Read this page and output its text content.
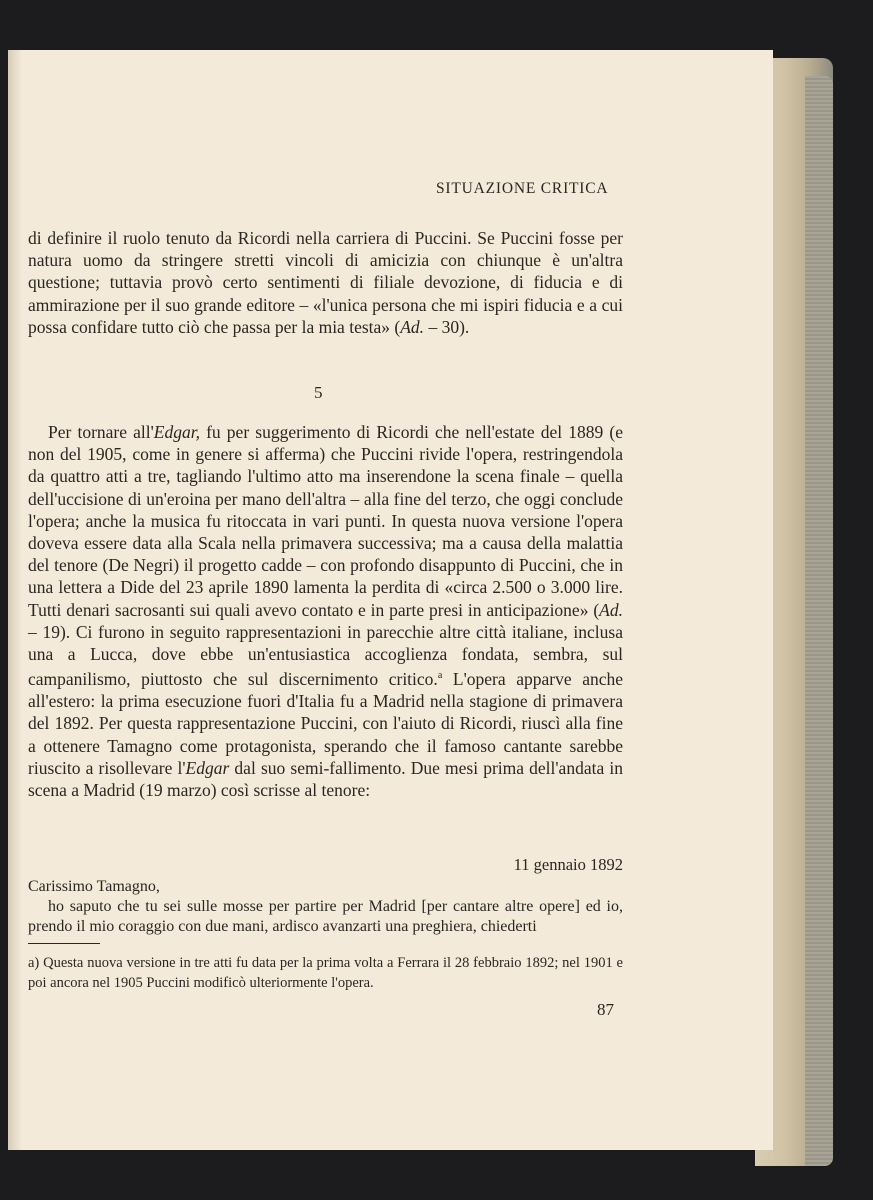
SITUAZIONE CRITICA

di definire il ruolo tenuto da Ricordi nella carriera di Puccini. Se Puccini fosse per natura uomo da stringere stretti vincoli di amicizia con chiunque è un'altra questione; tuttavia provò certo sentimenti di filiale devozione, di fiducia e di ammirazione per il suo grande editore – «l'unica persona che mi ispiri fiducia e a cui possa confidare tutto ciò che passa per la mia testa» (Ad. – 30).

5

Per tornare all'Edgar, fu per suggerimento di Ricordi che nell'estate del 1889 (e non del 1905, come in genere si afferma) che Puccini rivide l'opera, restringendola da quattro atti a tre, tagliando l'ultimo atto ma inserendone la scena finale – quella dell'uccisione di un'eroina per mano dell'altra – alla fine del terzo, che oggi conclude l'opera; anche la musica fu ritoccata in vari punti. In questa nuova versione l'opera doveva essere data alla Scala nella primavera successiva; ma a causa della malattia del tenore (De Negri) il progetto cadde – con profondo disappunto di Puccini, che in una lettera a Dide del 23 aprile 1890 lamenta la perdita di «circa 2.500 o 3.000 lire. Tutti denari sacrosanti sui quali avevo contato e in parte presi in anticipazione» (Ad. – 19). Ci furono in seguito rappresentazioni in parecchie altre città italiane, inclusa una a Lucca, dove ebbe un'entusiastica accoglienza fondata, sembra, sul campanilismo, piuttosto che sul discernimento critico.$^a$ L'opera apparve anche all'estero: la prima esecuzione fuori d'Italia fu a Madrid nella stagione di primavera del 1892. Per questa rappresentazione Puccini, con l'aiuto di Ricordi, riuscì alla fine a ottenere Tamagno come protagonista, sperando che il famoso cantante sarebbe riuscito a risollevare l'Edgar dal suo semi-fallimento. Due mesi prima dell'andata in scena a Madrid (19 marzo) così scrisse al tenore:

11 gennaio 1892

Carissimo Tamagno,
ho saputo che tu sei sulle mosse per partire per Madrid [per cantare altre opere] ed io, prendo il mio coraggio con due mani, ardisco avanzarti una preghiera, chiederti

a) Questa nuova versione in tre atti fu data per la prima volta a Ferrara il 28 febbraio 1892; nel 1901 e poi ancora nel 1905 Puccini modificò ulteriormente l'opera.

87
